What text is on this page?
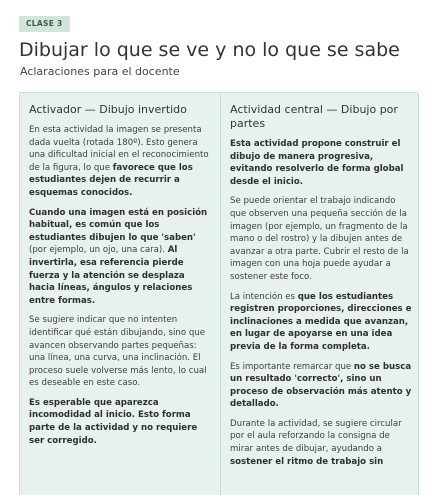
CLASE 3
Dibujar lo que se ve y no lo que se sabe
Aclaraciones para el docente
Activador — Dibujo invertido

En esta actividad la imagen se presenta dada vuelta (rotada 180º). Esto genera una dificultad inicial en el reconocimiento de la figura, lo que favorece que los estudiantes dejen de recurrir a esquemas conocidos.

Cuando una imagen está en posición habitual, es común que los estudiantes dibujen lo que 'saben' (por ejemplo, un ojo, una cara). Al invertirla, esa referencia pierde fuerza y la atención se desplaza hacia líneas, ángulos y relaciones entre formas.

Se sugiere indicar que no intenten identificar qué están dibujando, sino que avancen observando partes pequeñas: una línea, una curva, una inclinación. El proceso suele volverse más lento, lo cual es deseable en este caso.

Es esperable que aparezca incomodidad al inicio. Esto forma parte de la actividad y no requiere ser corregido.

Actividad central — Dibujo por partes

Esta actividad propone construir el dibujo de manera progresiva, evitando resolverlo de forma global desde el inicio.

Se puede orientar el trabajo indicando que observen una pequeña sección de la imagen (por ejemplo, un fragmento de la mano o del rostro) y la dibujen antes de avanzar a otra parte. Cubrir el resto de la imagen con una hoja puede ayudar a sostener este foco.

La intención es que los estudiantes registren proporciones, direcciones e inclinaciones a medida que avanzan, en lugar de apoyarse en una idea previa de la forma completa.

Es importante remarcar que no se busca un resultado 'correcto', sino un proceso de observación más atento y detallado.

Durante la actividad, se sugiere circular por el aula reforzando la consigna de mirar antes de dibujar, ayudando a sostener el ritmo de trabajo sin
